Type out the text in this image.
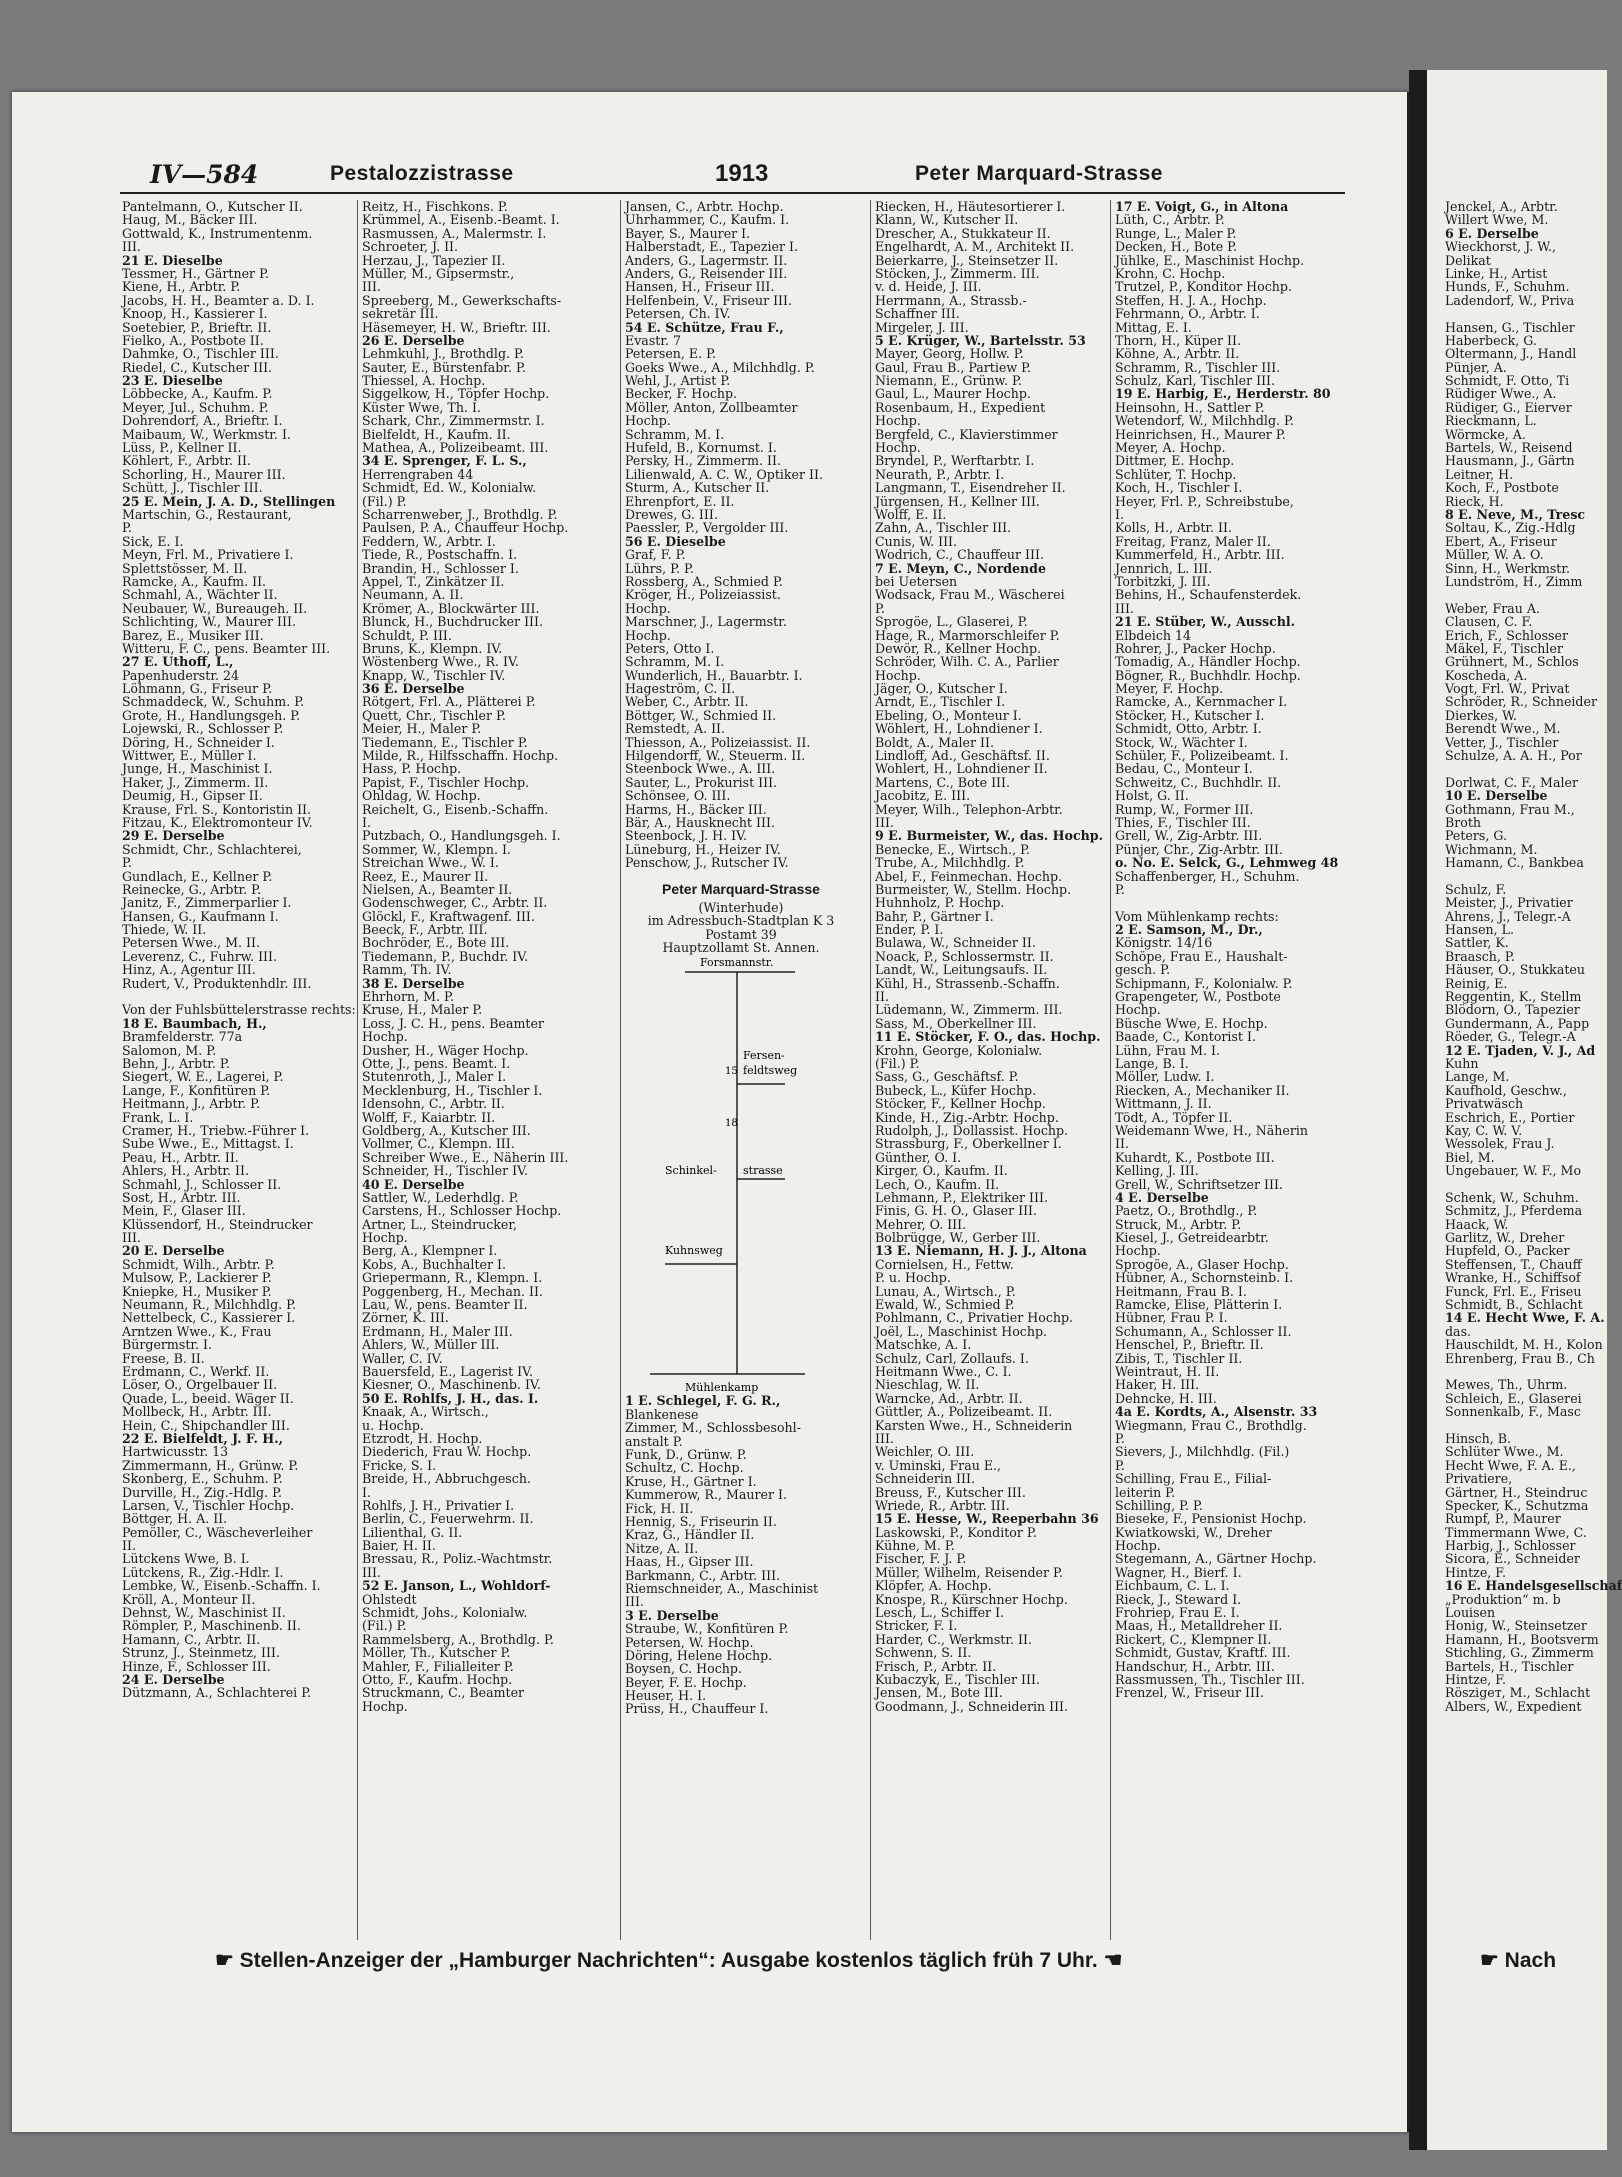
IV—584	Pestalozzistrasse	1913	Peter Marquard-Strasse
Pantelmann, O., Kutscher II.
Haug, M., Bäcker III.
Gottwald, K., Instrumentenm.
III.
21 E. Dieselbe
Tessmer, H., Gärtner P.
Kiene, H., Arbtr. P.
Jacobs, H. H., Beamter a. D. I.
Knoop, H., Kassierer I.
Soetebier, P., Brieftr. II.
Fielko, A., Postbote II.
Dahmke, O., Tischler III.
Riedel, C., Kutscher III.
23 E. Dieselbe
Löbbecke, A., Kaufm. P.
Meyer, Jul., Schuhm. P.
Dohrendorf, A., Brieftr. I.
Maibaum, W., Werkmstr. I.
Lüss, P., Kellner II.
Köhlert, F., Arbtr. II.
Schorling, H., Maurer III.
Schütt, J., Tischler III.
25 E. Mein, J. A. D., Stellingen
Martschin, G., Restaurant,
P.
Sick, E. I.
Meyn, Frl. M., Privatiere I.
Splettstösser, M. II.
Ramcke, A., Kaufm. II.
Schmahl, A., Wächter II.
Neubauer, W., Bureaugeh. II.
Schlichting, W., Maurer III.
Barez, E., Musiker III.
Witteru, F. C., pens. Beamter III.
27 E. Uthoff, L.,
Papenhuderstr. 24
Löhmann, G., Friseur P.
Schmaddeck, W., Schuhm. P.
Grote, H., Handlungsgeh. P.
Lojewski, R., Schlosser P.
Döring, H., Schneider I.
Wittwer, E., Müller I.
Junge, H., Maschinist I.
Haker, J., Zimmerm. II.
Deumig, H., Gipser II.
Krause, Frl. S., Kontoristin II.
Fitzau, K., Elektromonteur IV.
29 E. Derselbe
Schmidt, Chr., Schlachterei,
P.
Gundlach, E., Kellner P.
Reinecke, G., Arbtr. P.
Janitz, F., Zimmerparlier I.
Hansen, G., Kaufmann I.
Thiede, W. II.
Petersen Wwe., M. II.
Leverenz, C., Fuhrw. III.
Hinz, A., Agentur III.
Rudert, V., Produktenhdlr. III.
Von der Fuhlsbüttelerstrasse rechts:
18 E. Baumbach, H.,
Bramfelderstr. 77a
Salomon, M. P.
Behn, J., Arbtr. P.
Siegert, W. E., Lagerei, P.
Lange, F., Konfitüren P.
Heitmann, J., Arbtr. P.
Frank, L. I.
Cramer, H., Triebw.-Führer I.
Sube Wwe., E., Mittagst. I.
Peau, H., Arbtr. II.
Ahlers, H., Arbtr. II.
Schmahl, J., Schlosser II.
Sost, H., Arbtr. III.
Mein, F., Glaser III.
Klüssendorf, H., Steindrucker
III.
20 E. Derselbe
Schmidt, Wilh., Arbtr. P.
Mulsow, P., Lackierer P.
Kniepke, H., Musiker P.
Neumann, R., Milchhdlg. P.
Nettelbeck, C., Kassierer I.
Arntzen Wwe., K., Frau
Bürgermstr. I.
Freese, B. II.
Erdmann, C., Werkf. II.
Löser, O., Orgelbauer II.
Quade, L., beeid. Wäger II.
Mollbeck, H., Arbtr. III.
Hein, C., Shipchandler III.
22 E. Bielfeldt, J. F. H.,
Hartwicusstr. 13
Zimmermann, H., Grünw. P.
Skonberg, E., Schuhm. P.
Durville, H., Zig.-Hdlg. P.
Larsen, V., Tischler Hochp.
Böttger, H. A. II.
Pemöller, C., Wäscheverleiher
II.
Lütckens Wwe, B. I.
Lütckens, R., Zig.-Hdlr. I.
Lembke, W., Eisenb.-Schaffn. I.
Kröll, A., Monteur II.
Dehnst, W., Maschinist II.
Römpler, P., Maschinenb. II.
Hamann, C., Arbtr. II.
Strunz, J., Steinmetz, III.
Hinze, F., Schlosser III.
24 E. Derselbe
Dützmann, A., Schlachterei P.
Reitz, H., Fischkons. P.
Krümmel, A., Eisenb.-Beamt. I.
Rasmussen, A., Malermstr. I.
Schroeter, J. II.
Herzau, J., Tapezier II.
Müller, M., Gipsermstr.,
III.
Spreeberg, M., Gewerkschafts-
sekretär III.
Häsemeyer, H. W., Brieftr. III.
26 E. Derselbe
Lehmkuhl, J., Brothdlg. P.
Sauter, E., Bürstenfabr. P.
Thiessel, A. Hochp.
Siggelkow, H., Töpfer Hochp.
Küster Wwe, Th. I.
Schark, Chr., Zimmermstr. I.
Bielfeldt, H., Kaufm. II.
Mathea, A., Polizeibeamt. III.
34 E. Sprenger, F. L. S.,
Herrengraben 44
Schmidt, Ed. W., Kolonialw.
(Fil.) P.
Scharrenweber, J., Brothdlg. P.
Paulsen, P. A., Chauffeur Hochp.
Feddern, W., Arbtr. I.
Tiede, R., Postschaffn. I.
Brandin, H., Schlosser I.
Appel, T., Zinkätzer II.
Neumann, A. II.
Krömer, A., Blockwärter III.
Blunck, H., Buchdrucker III.
Schuldt, P. III.
Bruns, K., Klempn. IV.
Wöstenberg Wwe., R. IV.
Knapp, W., Tischler IV.
36 E. Derselbe
Rötgert, Frl. A., Plätterei P.
Quett, Chr., Tischler P.
Meier, H., Maler P.
Tiedemann, E., Tischler P.
Milde, R., Hilfsschaffn. Hochp.
Hass, P. Hochp.
Papist, F., Tischler Hochp.
Ohldag, W. Hochp.
Reichelt, G., Eisenb.-Schaffn.
I.
Putzbach, O., Handlungsgeh. I.
Sommer, W., Klempn. I.
Streichan Wwe., W. I.
Reez, E., Maurer II.
Nielsen, A., Beamter II.
Godenschweger, C., Arbtr. II.
Glöckl, F., Kraftwagenf. III.
Beeck, F., Arbtr. III.
Bochröder, E., Bote III.
Tiedemann, P., Buchdr. IV.
Ramm, Th. IV.
38 E. Derselbe
Ehrhorn, M. P.
Kruse, H., Maler P.
Loss, J. C. H., pens. Beamter
Hochp.
Dusher, H., Wäger Hochp.
Otte, J., pens. Beamt. I.
Stutenroth, J., Maler I.
Mecklenburg, H., Tischler I.
Idensohn, C., Arbtr. II.
Wolff, F., Kaiarbtr. II.
Goldberg, A., Kutscher III.
Vollmer, C., Klempn. III.
Schreiber Wwe., E., Näherin III.
Schneider, H., Tischler IV.
40 E. Derselbe
Sattler, W., Lederhdlg. P.
Carstens, H., Schlosser Hochp.
Artner, L., Steindrucker,
Hochp.
Berg, A., Klempner I.
Kobs, A., Buchhalter I.
Griepermann, R., Klempn. I.
Poggenberg, H., Mechan. II.
Lau, W., pens. Beamter II.
Zörner, K. III.
Erdmann, H., Maler III.
Ahlers, W., Müller III.
Waller, C. IV.
Bauersfeld, E., Lagerist IV.
Kiesner, O., Maschinenb. IV.
50 E. Rohlfs, J. H., das. I.
Knaak, A., Wirtsch.,
u. Hochp.
Etzrodt, H. Hochp.
Diederich, Frau W. Hochp.
Fricke, S. I.
Breide, H., Abbruchgesch.
I.
Rohlfs, J. H., Privatier I.
Berlin, C., Feuerwehrm. II.
Lilienthal, G. II.
Baier, H. II.
Bressau, R., Poliz.-Wachtmstr.
III.
52 E. Janson, L., Wohldorf-
Ohlstedt
Schmidt, Johs., Kolonialw.
(Fil.) P.
Rammelsberg, A., Brothdlg. P.
Möller, Th., Kutscher P.
Mahler, F., Filialleiter P.
Otto, F., Kaufm. Hochp.
Struckmann, C., Beamter
Hochp.
Jansen, C., Arbtr. Hochp.
Uhrhammer, C., Kaufm. I.
Bayer, S., Maurer I.
Halberstadt, E., Tapezier I.
Anders, G., Lagermstr. II.
Anders, G., Reisender III.
Hansen, H., Friseur III.
Helfenbein, V., Friseur III.
Petersen, Ch. IV.
54 E. Schütze, Frau F.,
Evastr. 7
Petersen, E. P.
Goeks Wwe., A., Milchhdlg. P.
Wehl, J., Artist P.
Becker, F. Hochp.
Möller, Anton, Zollbeamter
Hochp.
Schramm, M. I.
Hufeld, B., Kornumst. I.
Persky, H., Zimmerm. II.
Lilienwald, A. C. W., Optiker II.
Sturm, A., Kutscher II.
Ehrenpfort, E. II.
Drewes, G. III.
Paessler, P., Vergolder III.
56 E. Dieselbe
Graf, F. P.
Lührs, P. P.
Rossberg, A., Schmied P.
Kröger, H., Polizeiassist.
Hochp.
Marschner, J., Lagermstr.
Hochp.
Peters, Otto I.
Schramm, M. I.
Wunderlich, H., Bauarbtr. I.
Hageström, C. II.
Weber, C., Arbtr. II.
Böttger, W., Schmied II.
Remstedt, A. II.
Thiesson, A., Polizeiassist. II.
Hilgendorff, W., Steuerm. II.
Steenbock Wwe., A. III.
Sauter, L., Prokurist III.
Schönsee, O. III.
Harms, H., Bäcker III.
Bär, A., Hausknecht III.
Steenbock, J. H. IV.
Lüneburg, H., Heizer IV.
Penschow, J., Rutscher IV.
Peter Marquard-Strasse
(Winterhude)
im Adressbuch-Stadtplan K 3
Postamt 39
Hauptzollamt St. Annen.
Forsmannstr.
Fersen-
feldtsweg
Schinkel- strasse
Kuhnsweg
Mühlenkamp
15
18
1 E. Schlegel, F. G. R.,
Blankenese
Zimmer, M., Schlossbesohl-
anstalt P.
Funk, D., Grünw. P.
Schultz, C. Hochp.
Kruse, H., Gärtner I.
Kummerow, R., Maurer I.
Fick, H. II.
Hennig, S., Friseurin II.
Kraz, G., Händler II.
Nitze, A. II.
Haas, H., Gipser III.
Barkmann, C., Arbtr. III.
Riemschneider, A., Maschinist
III.
3 E. Derselbe
Straube, W., Konfitüren P.
Petersen, W. Hochp.
Döring, Helene Hochp.
Boysen, C. Hochp.
Beyer, F. E. Hochp.
Heuser, H. I.
Prüss, H., Chauffeur I.
Riecken, H., Häutesortierer I.
Klann, W., Kutscher II.
Drescher, A., Stukkateur II.
Engelhardt, A. M., Architekt II.
Beierkarre, J., Steinsetzer II.
Stöcken, J., Zimmerm. III.
v. d. Heide, J. III.
Herrmann, A., Strassb.-
Schaffner III.
Mirgeler, J. III.
5 E. Krüger, W., Bartelsstr. 53
Mayer, Georg, Hollw. P.
Gaul, Frau B., Partiew P.
Niemann, E., Grünw. P.
Gaul, L., Maurer Hochp.
Rosenbaum, H., Expedient
Hochp.
Bergfeld, C., Klavierstimmer
Hochp.
Bryndel, P., Werftarbtr. I.
Neurath, P., Arbtr. I.
Langmann, T., Eisendreher II.
Jürgensen, H., Kellner III.
Wolff, E. II.
Zahn, A., Tischler III.
Cunis, W. III.
Wodrich, C., Chauffeur III.
7 E. Meyn, C., Nordende
bei Uetersen
Wodsack, Frau M., Wäscherei
P.
Sprogöe, L., Glaserei, P.
Hage, R., Marmorschleifer P.
Dewör, R., Kellner Hochp.
Schröder, Wilh. C. A., Parlier
Hochp.
Jäger, O., Kutscher I.
Arndt, E., Tischler I.
Ebeling, O., Monteur I.
Wöhlert, H., Lohndiener I.
Boldt, A., Maler II.
Lindloff, Ad., Geschäftsf. II.
Wohlert, H., Lohndiener II.
Martens, C., Bote III.
Jacobitz, E. III.
Meyer, Wilh., Telephon-Arbtr.
III.
9 E. Burmeister, W., das. Hochp.
Benecke, E., Wirtsch., P.
Trube, A., Milchhdlg. P.
Abel, F., Feinmechan. Hochp.
Burmeister, W., Stellm. Hochp.
Huhnholz, P. Hochp.
Bahr, P., Gärtner I.
Ender, P. I.
Bulawa, W., Schneider II.
Noack, P., Schlossermstr. II.
Landt, W., Leitungsaufs. II.
Kühl, H., Strassenb.-Schaffn.
II.
Lüdemann, W., Zimmerm. III.
Sass, M., Oberkellner III.
11 E. Stöcker, F. O., das. Hochp.
Krohn, George, Kolonialw.
(Fil.) P.
Sass, G., Geschäftsf. P.
Bubeck, L., Küfer Hochp.
Stöcker, F., Kellner Hochp.
Kinde, H., Zig.-Arbtr. Hochp.
Rudolph, J., Dollassist. Hochp.
Strassburg, F., Oberkellner I.
Günther, O. I.
Kirger, O., Kaufm. II.
Lech, O., Kaufm. II.
Lehmann, P., Elektriker III.
Finis, G. H. O., Glaser III.
Mehrer, O. III.
Bolbrügge, W., Gerber III.
13 E. Niemann, H. J. J., Altona
Cornielsen, H., Fettw.
P. u. Hochp.
Lunau, A., Wirtsch., P.
Ewald, W., Schmied P.
Pohlmann, C., Privatier Hochp.
Joël, L., Maschinist Hochp.
Matschke, A. I.
Schulz, Carl, Zollaufs. I.
Heitmann Wwe., C. I.
Nieschlag, W. II.
Warncke, Ad., Arbtr. II.
Güttler, A., Polizeibeamt. II.
Karsten Wwe., H., Schneiderin
III.
Weichler, O. III.
v. Uminski, Frau E.,
Schneiderin III.
Breuss, F., Kutscher III.
Wriede, R., Arbtr. III.
15 E. Hesse, W., Reeperbahn 36
Laskowski, P., Konditor P.
Kühne, M. P.
Fischer, F. J. P.
Müller, Wilhelm, Reisender P.
Klöpfer, A. Hochp.
Knospe, R., Kürschner Hochp.
Lesch, L., Schiffer I.
Stricker, F. I.
Harder, C., Werkmstr. II.
Schwenn, S. II.
Frisch, P., Arbtr. II.
Kubaczyk, E., Tischler III.
Jensen, M., Bote III.
Goodmann, J., Schneiderin III.
17 E. Voigt, G., in Altona
Lüth, C., Arbtr. P.
Runge, L., Maler P.
Decken, H., Bote P.
Jühlke, E., Maschinist Hochp.
Krohn, C. Hochp.
Trutzel, P., Konditor Hochp.
Steffen, H. J. A., Hochp.
Fehrmann, O., Arbtr. I.
Mittag, E. I.
Thorn, H., Küper II.
Köhne, A., Arbtr. II.
Schramm, R., Tischler III.
Schulz, Karl, Tischler III.
19 E. Harbig, E., Herderstr. 80
Heinsohn, H., Sattler P.
Wetendorf, W., Milchhdlg. P.
Heinrichsen, H., Maurer P.
Meyer, A. Hochp.
Dittmer, E. Hochp.
Schlüter, T. Hochp.
Koch, H., Tischler I.
Heyer, Frl. P., Schreibstube,
I.
Kolls, H., Arbtr. II.
Freitag, Franz, Maler II.
Kummerfeld, H., Arbtr. III.
Jennrich, L. III.
Torbitzki, J. III.
Behins, H., Schaufensterdek.
III.
21 E. Stüber, W., Ausschl.
Elbdeich 14
Rohrer, J., Packer Hochp.
Tomadig, A., Händler Hochp.
Bögner, R., Buchhdlr. Hochp.
Meyer, F. Hochp.
Ramcke, A., Kernmacher I.
Stöcker, H., Kutscher I.
Schmidt, Otto, Arbtr. I.
Stock, W., Wächter I.
Schüler, F., Polizeibeamt. I.
Bedau, C., Monteur I.
Schweitz, C., Buchhdlr. II.
Holst, G. II.
Rump, W., Former III.
Thies, F., Tischler III.
Grell, W., Zig-Arbtr. III.
Pünjer, Chr., Zig-Arbtr. III.
o. No. E. Selck, G., Lehmweg 48
Schaffenberger, H., Schuhm.
P.
Vom Mühlenkamp rechts:
2 E. Samson, M., Dr.,
Königstr. 14/16
Schöpe, Frau E., Haushalt-
gesch. P.
Schipmann, F., Kolonialw. P.
Grapengeter, W., Postbote
Hochp.
Büsche Wwe, E. Hochp.
Baade, C., Kontorist I.
Lühn, Frau M. I.
Lange, B. I.
Möller, Ludw. I.
Riecken, A., Mechaniker II.
Wittmann, J. II.
Tödt, A., Töpfer II.
Weidemann Wwe, H., Näherin
II.
Kuhardt, K., Postbote III.
Kelling, J. III.
Grell, W., Schriftsetzer III.
4 E. Derselbe
Paetz, O., Brothdlg., P.
Struck, M., Arbtr. P.
Kiesel, J., Getreidearbtr.
Hochp.
Sprogöe, A., Glaser Hochp.
Hübner, A., Schornsteinb. I.
Heitmann, Frau B. I.
Ramcke, Elise, Plätterin I.
Hübner, Frau P. I.
Schumann, A., Schlosser II.
Henschel, P., Brieftr. II.
Zibis, T., Tischler II.
Weintraut, H. II.
Haker, H. III.
Dehncke, H. III.
4a E. Kordts, A., Alsenstr. 33
Wiegmann, Frau C., Brothdlg.
P.
Sievers, J., Milchhdlg. (Fil.)
P.
Schilling, Frau E., Filial-
leiterin P.
Schilling, P. P.
Bieseke, F., Pensionist Hochp.
Kwiatkowski, W., Dreher
Hochp.
Stegemann, A., Gärtner Hochp.
Wagner, H., Bierf. I.
Eichbaum, C. L. I.
Rieck, J., Steward I.
Frohriep, Frau E. I.
Maas, H., Metalldreher II.
Rickert, C., Klempner II.
Schmidt, Gustav, Kraftf. III.
Handschur, H., Arbtr. III.
Rassmussen, Th., Tischler III.
Frenzel, W., Friseur III.
Jenckel, A., Arbtr.
Willert Wwe, M.
6 E. Derselbe
Wieckhorst, J. W.,
Delikat
Linke, H., Artist
Hunds, F., Schuhm.
Ladendorf, W., Priva
Hansen, G., Tischler
Haberbeck, G.
Oltermann, J., Handl
Pünjer, A.
Schmidt, F. Otto, Ti
Rüdiger Wwe., A.
Rüdiger, G., Eierver
Rieckmann, L.
Wörmcke, A.
Bartels, W., Reisend
Hausmann, J., Gärtn
Leitner, H.
Koch, F., Postbote
Rieck, H.
8 E. Neve, M., Tresc
Soltau, K., Zig.-Hdlg
Ebert, A., Friseur
Müller, W. A. O.
Sinn, H., Werkmstr.
Lundström, H., Zimm
Weber, Frau A.
Clausen, C. F.
Erich, F., Schlosser
Mäkel, F., Tischler
Grühnert, M., Schlos
Koscheda, A.
Vogt, Frl. W., Privat
Schröder, R., Schneider
Dierkes, W.
Berendt Wwe., M.
Vetter, J., Tischler
Schulze, A. A. H., Por
Dorlwat, C. F., Maler
10 E. Derselbe
Gothmann, Frau M.,
Broth
Peters, G.
Wichmann, M.
Hamann, C., Bankbea
Schulz, F.
Meister, J., Privatier
Ahrens, J., Telegr.-A
Hansen, L.
Sattler, K.
Braasch, P.
Häuser, O., Stukkateu
Reinig, E.
Reggentin, K., Stellm
Blödorn, O., Tapezier
Gundermann, A., Papp
Röeder, G., Telegr.-A
12 E. Tjaden, V. J., Ad
Kuhn
Lange, M.
Kaufhold, Geschw.,
Privatwäsch
Eschrich, E., Portier
Kay, C. W. V.
Wessolek, Frau J.
Biel, M.
Ungebauer, W. F., Mo
Schenk, W., Schuhm.
Schmitz, J., Pferdema
Haack, W.
Garlitz, W., Dreher
Hupfeld, O., Packer
Steffensen, T., Chauff
Wranke, H., Schiffsof
Funck, Frl. E., Friseu
Schmidt, B., Schlacht
14 E. Hecht Wwe, F. A.
das.
Hauschildt, M. H., Kolon
Ehrenberg, Frau B., Ch
Mewes, Th., Uhrm.
Schleich, E., Glaserei
Sonnenkalb, F., Masc
Hinsch, B.
Schlüter Wwe., M.
Hecht Wwe, F. A. E.,
Privatiere,
Gärtner, H., Steindruc
Specker, K., Schutzma
Rumpf, P., Maurer
Timmermann Wwe, C.
Harbig, J., Schlosser
Sicora, E., Schneider
Hintze, F.
16 E. Handelsgesellschaf
„Produktion“ m. b
Louisen
Honig, W., Steinsetzer
Hamann, H., Bootsverm
Stichling, G., Zimmerm
Bartels, H., Tischler
Hintze, F.
Röszigeт, M., Schlacht
Albers, W., Expedient
☛ Stellen-Anzeiger der „Hamburger Nachrichten“: Ausgabe kostenlos täglich früh 7 Uhr. ☚	☛ Nach
